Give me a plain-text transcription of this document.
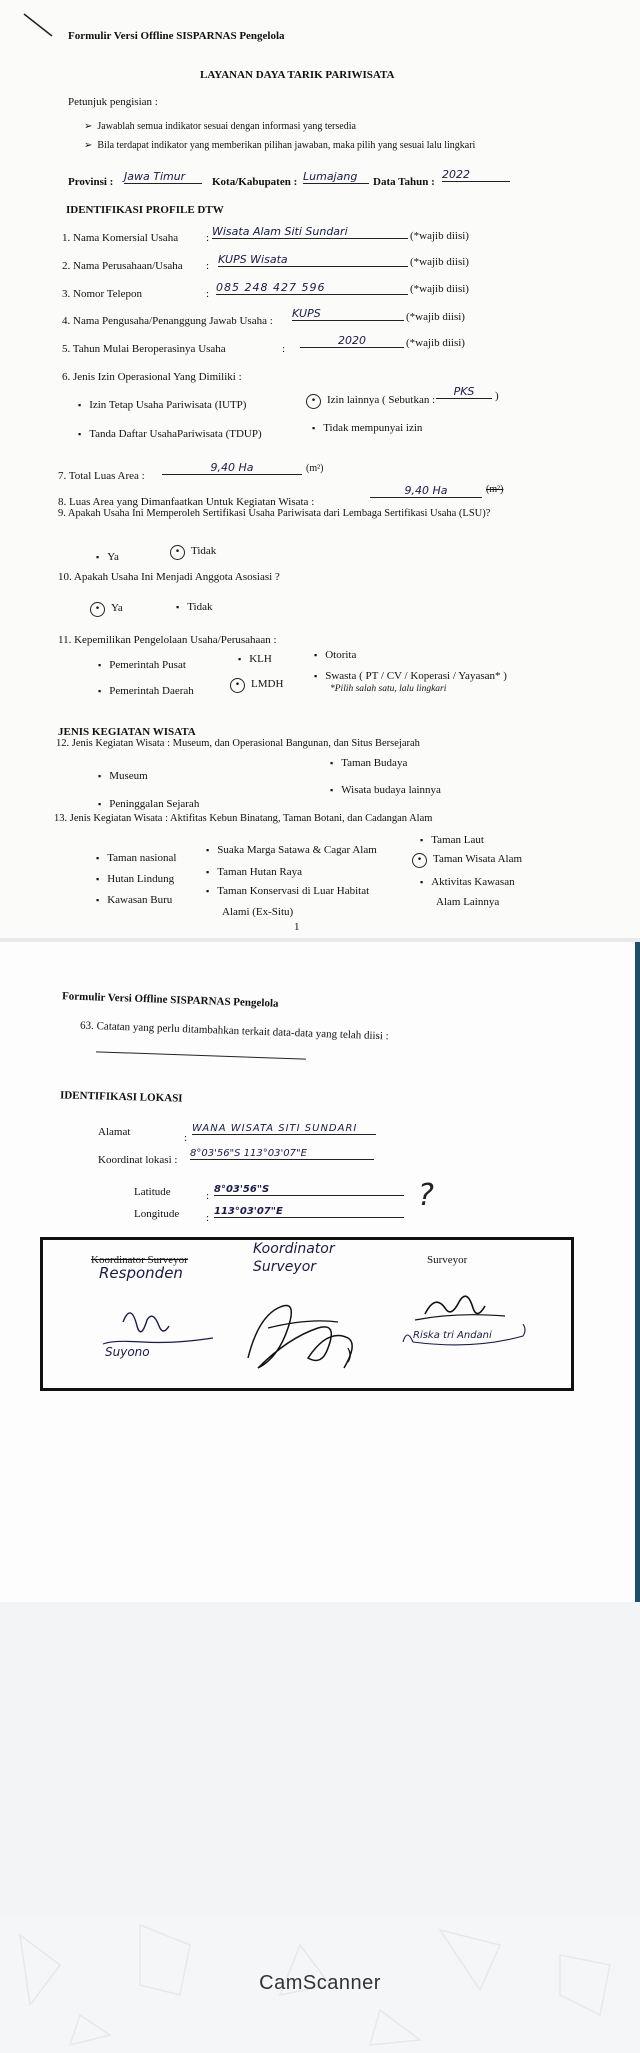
Formulir Versi Offline SISPARNAS Pengelola
LAYANAN DAYA TARIK PARIWISATA
Petunjuk pengisian :
➢  Jawablah semua indikator sesuai dengan informasi yang tersedia
➢  Bila terdapat indikator yang memberikan pilihan jawaban, maka pilih yang sesuai lalu lingkari
Provinsi : Jawa Timur	Kota/Kabupaten : Lumajang	Data Tahun :
2022
IDENTIFIKASI PROFILE DTW
1. Nama Komersial Usaha	: Wisata Alam Siti Sundari	(*wajib diisi)
2. Nama Perusahaan/Usaha : KUPS Wisata	(*wajib diisi)
3. Nomor Telepon	: 085 248 427 596	(*wajib diisi)
4. Nama Pengusaha/Penanggung Jawab Usaha :
KUPS	(*wajib diisi)
5. Tahun Mulai Beroperasinya Usaha	:
2020	(*wajib diisi)
6. Jenis Izin Operasional Yang Dimiliki :
▪ Izin Tetap Usaha Pariwisata (IUTP)	• Izin lainnya ( Sebutkan :
PKS	)
▪ Tanda Daftar UsahaPariwisata (TDUP)	▪ Tidak mempunyai izin
7. Total Luas Area :
9,40 Ha	(m²)
8. Luas Area yang Dimanfaatkan Untuk Kegiatan Wisata :
9,40 Ha	(m²)
9. Apakah Usaha Ini Memperoleh Sertifikasi Usaha Pariwisata dari Lembaga Sertifikasi Usaha (LSU)?
▪ Ya	• Tidak
10. Apakah Usaha Ini Menjadi Anggota Asosiasi ?
• Ya	▪ Tidak
11. Kepemilikan Pengelolaan Usaha/Perusahaan :
▪ Pemerintah Pusat	▪ KLH	▪ Otorita
▪ Pemerintah Daerah	• LMDH
▪ Swasta ( PT / CV / Koperasi / Yayasan* )
*Pilih salah satu, lalu lingkari
JENIS KEGIATAN WISATA
12. Jenis Kegiatan Wisata : Museum, dan Operasional Bangunan, dan Situs Bersejarah
▪ Taman Budaya
▪ Museum
▪ Wisata budaya lainnya
▪ Peninggalan Sejarah
13. Jenis Kegiatan Wisata : Aktifitas Kebun Binatang, Taman Botani, dan Cadangan Alam
▪ Taman nasional
▪ Suaka Marga Satawa & Cagar Alam
▪ Taman Laut
▪ Hutan Lindung
▪ Taman Hutan Raya
• Taman Wisata Alam
▪ Kawasan Buru
▪ Taman Konservasi di Luar Habitat
Alami (Ex-Situ)
▪ Aktivitas Kawasan
Alam Lainnya
1
Formulir Versi Offline SISPARNAS Pengelola
63. Catatan yang perlu ditambahkan terkait data-data yang telah diisi :
IDENTIFIKASI LOKASI
Alamat	:
WANA WISATA SITI SUNDARI
Koordinat lokasi :
8°03'56"S 113°03'07"E
Latitude	:
8°03'56"S
Longitude :
113°03'07"E	?
Koordinator Surveyor
Responden
Koordinator Surveyor	Surveyor
Suyono	)
Riska tri Andani
CamScanner
